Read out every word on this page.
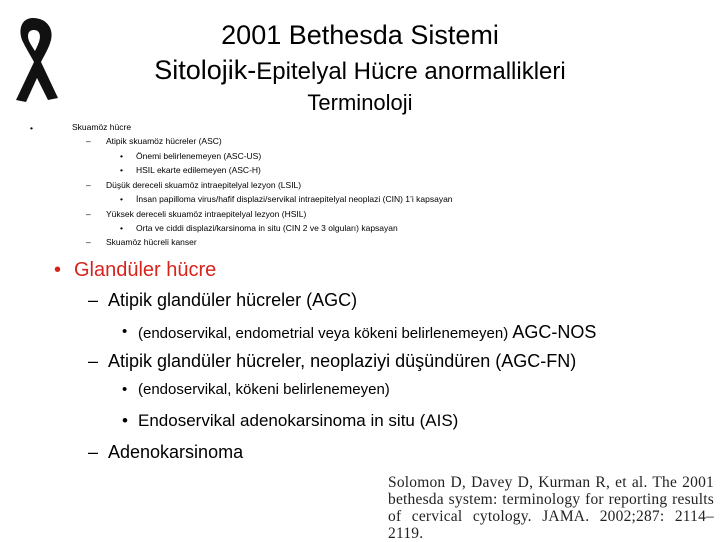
2001 Bethesda Sistemi
Sitolojik-Epitelyal Hücre anormallikleri
Terminoloji
•	Skuamöz hücre
– Atipik skuamöz hücreler (ASC)
• Önemi belirlenemeyen (ASC-US)
• HSIL ekarte edilemeyen (ASC-H)
– Düşük dereceli skuamöz intraepitelyal lezyon (LSIL)
• İnsan papilloma virus/hafif displazi/servikal intraepitelyal neoplazi (CIN) 1’i kapsayan
– Yüksek dereceli skuamöz intraepitelyal lezyon (HSIL)
• Orta ve ciddi displazi/karsinoma in situ (CIN 2 ve 3 olguları) kapsayan
– Skuamöz hücreli kanser
• Glandüler hücre
– Atipik glandüler hücreler (AGC)
• (endoservikal, endometrial veya kökeni belirlenemeyen) AGC-NOS
– Atipik glandüler hücreler, neoplaziyi düşündüren (AGC-FN)
• (endoservikal, kökeni belirlenemeyen)
• Endoservikal adenokarsinoma in situ (AIS)
– Adenokarsinoma
Solomon D, Davey D, Kurman R, et al. The 2001 bethesda system: terminology for reporting results of cervical cytology. JAMA. 2002;287: 2114–2119.
